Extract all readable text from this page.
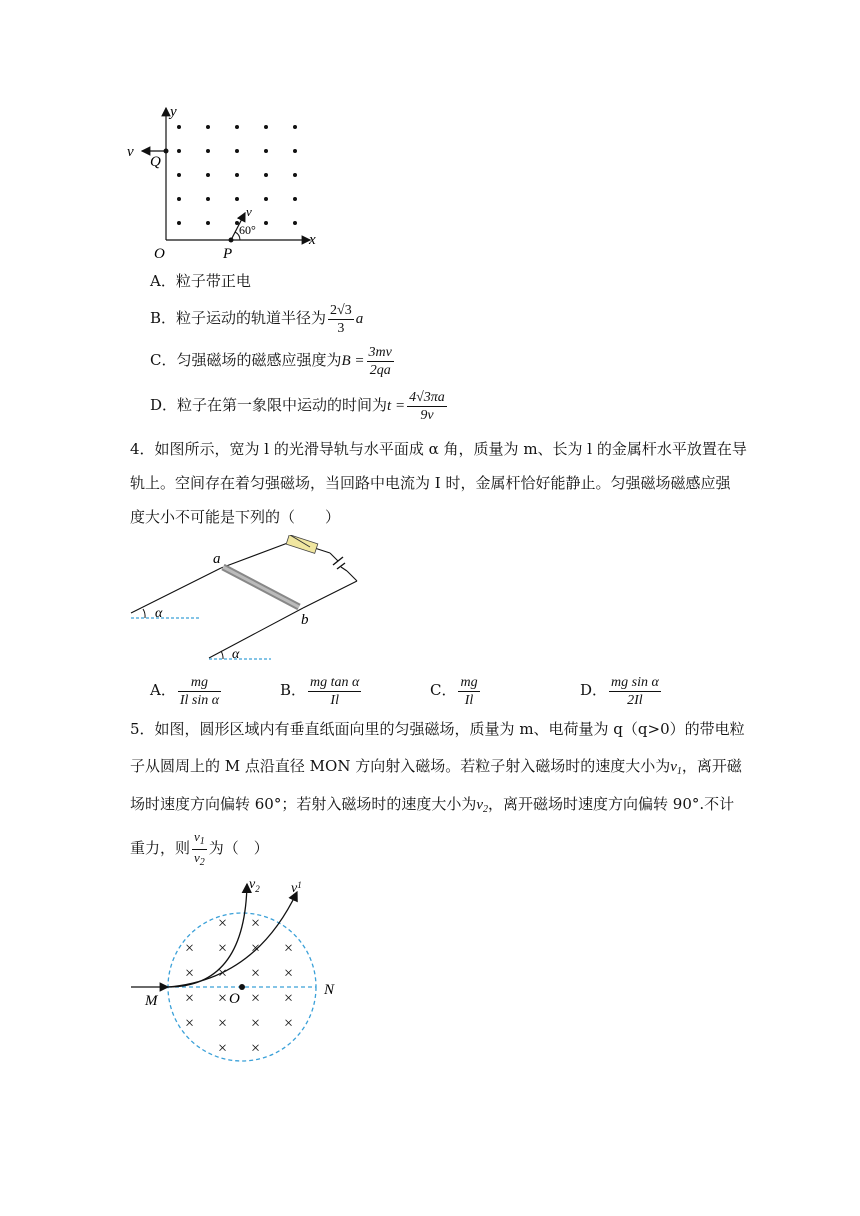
y
x
v
Q
O	P
v
60°
A．粒子带正电
B．粒子运动的轨道半径为 $\frac{2√3}{3}$ a
C．匀强磁场的磁感应强度为$B = \frac{3mv}{2qa}$
D．粒子在第一象限中运动的时间为$t = \frac{4√3\pi a}{9v}$
4．如图所示，宽为 l 的光滑导轨与水平面成 α 角，质量为 m、长为 l 的金属杆水平放置在导
轨上。空间存在着匀强磁场，当回路中电流为 I 时，金属杆恰好能静止。匀强磁场磁感应强
度大小不可能是下列的（　　）
a
b
α
α
A． $\frac{mg}{\text{Il sin α}}$	B． $\frac{\text{mg tan α}}{Il}$	C． $\frac{mg}{Il}$	D． $\frac{\text{mg sin α}}{2Il}$
5．如图，圆形区域内有垂直纸面向里的匀强磁场，质量为 m、电荷量为 q（q>0）的带电粒
子从圆周上的 M 点沿直径 MON 方向射入磁场。若粒子射入磁场时的速度大小为$v_1$，离开磁
场时速度方向偏转 60°；若射入磁场时的速度大小为$v_2$，离开磁场时速度方向偏转 90°.不计
重力，则 $\frac{v_1}{v_2}$ 为（　）
× ×
× × × ×
× × × ×
× × × ×
× × × ×
× ×
M	O
N
$v_2$ $v^1$
